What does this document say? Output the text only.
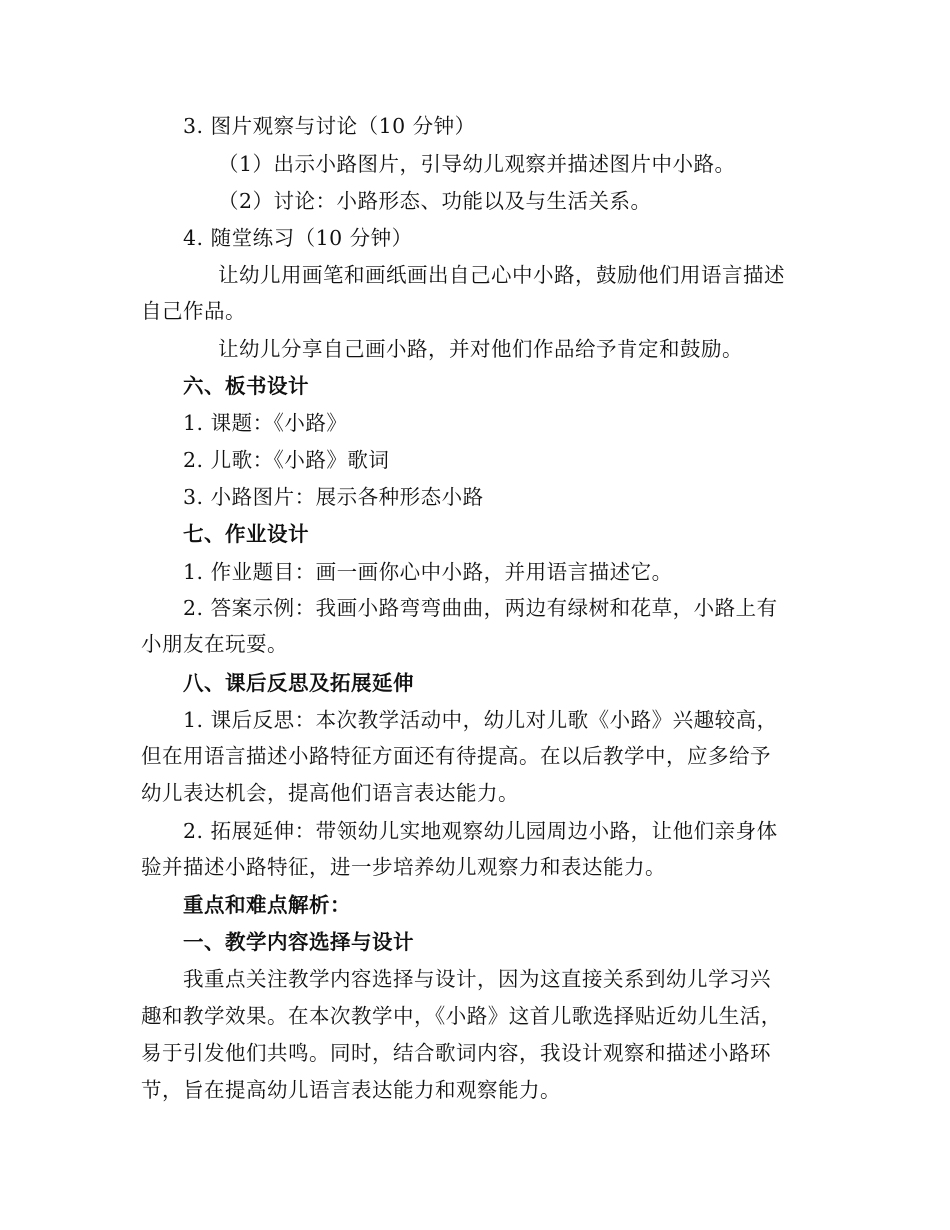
3. 图片观察与讨论（10 分钟）
（1）出示小路图片，引导幼儿观察并描述图片中小路。
（2）讨论：小路形态、功能以及与生活关系。
4. 随堂练习（10 分钟）
让幼儿用画笔和画纸画出自己心中小路，鼓励他们用语言描述
自己作品。
让幼儿分享自己画小路，并对他们作品给予肯定和鼓励。
六、板书设计
1. 课题：《小路》
2. 儿歌：《小路》歌词
3. 小路图片：展示各种形态小路
七、作业设计
1. 作业题目：画一画你心中小路，并用语言描述它。
2. 答案示例：我画小路弯弯曲曲，两边有绿树和花草，小路上有
小朋友在玩耍。
八、课后反思及拓展延伸
1. 课后反思：本次教学活动中，幼儿对儿歌《小路》兴趣较高，
但在用语言描述小路特征方面还有待提高。在以后教学中，应多给予
幼儿表达机会，提高他们语言表达能力。
2. 拓展延伸：带领幼儿实地观察幼儿园周边小路，让他们亲身体
验并描述小路特征，进一步培养幼儿观察力和表达能力。
重点和难点解析：
一、教学内容选择与设计
我重点关注教学内容选择与设计，因为这直接关系到幼儿学习兴
趣和教学效果。在本次教学中，《小路》这首儿歌选择贴近幼儿生活，
易于引发他们共鸣。同时，结合歌词内容，我设计观察和描述小路环
节，旨在提高幼儿语言表达能力和观察能力。
